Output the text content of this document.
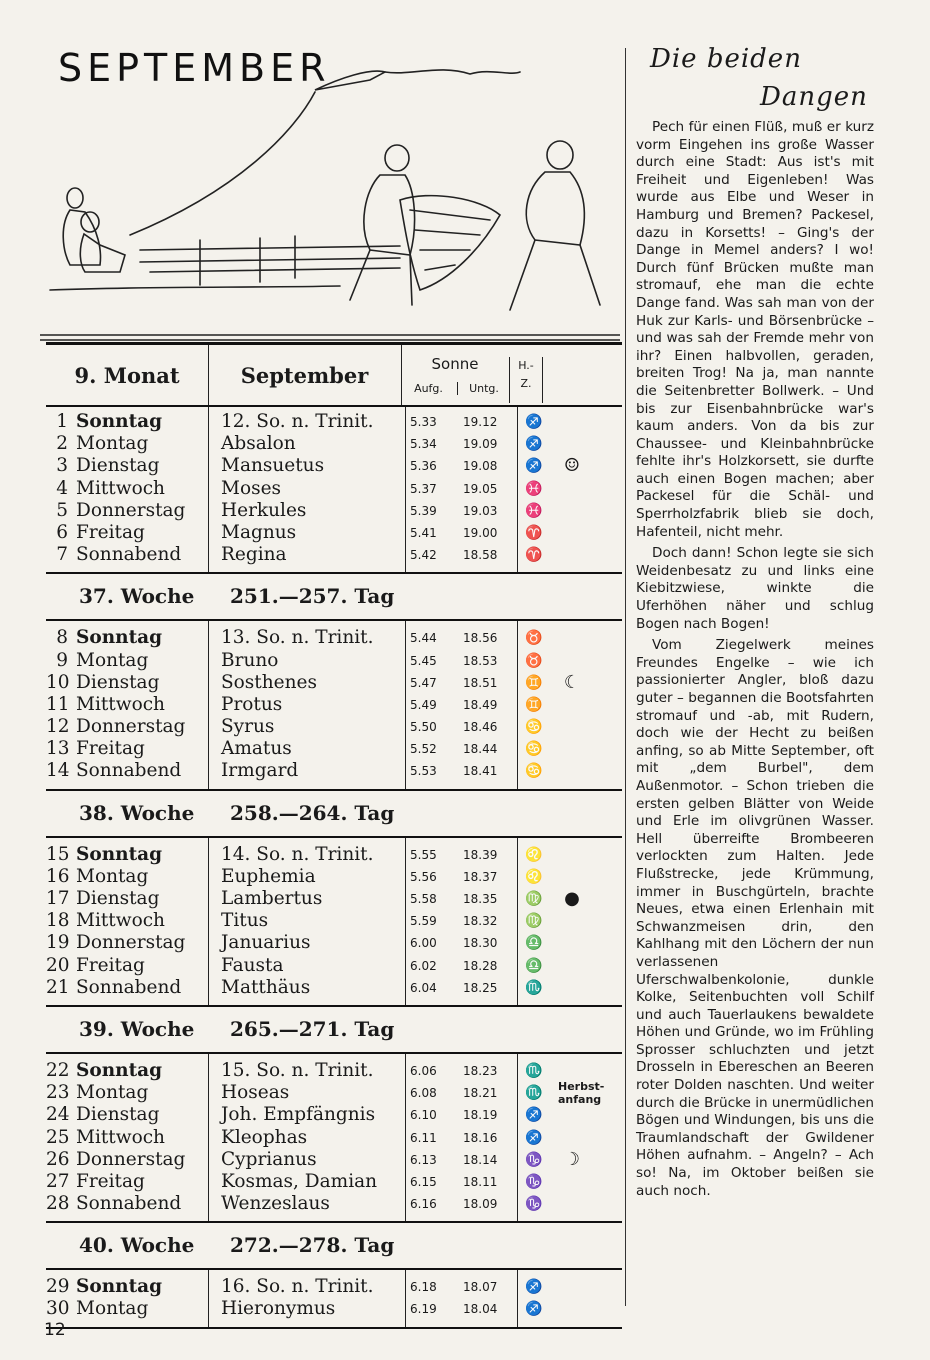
SEPTEMBER
9. Monat	September	Sonne
Aufg.	Untg.
H.-
Z.
1 Sonntag	12. So. n. Trinit.	5.33 19.12 ♐
2 Montag	Absalon	5.34 19.09 ♐
3 Dienstag	Mansuetus	5.36 19.08 ♐ ☺
4 Mittwoch	Moses	5.37 19.05 ♓
5 Donnerstag Herkules	5.39 19.03 ♓
6 Freitag	Magnus	5.41 19.00 ♈
7 Sonnabend Regina	5.42 18.58 ♈
37. Woche 251.—257. Tag
8 Sonntag	13. So. n. Trinit.	5.44 18.56 ♉
9 Montag	Bruno	5.45 18.53 ♉
10 Dienstag	Sosthenes	5.47 18.51 ♊ ☾
11 Mittwoch	Protus	5.49 18.49 ♊
12 Donnerstag Syrus	5.50 18.46 ♋
13 Freitag	Amatus	5.52 18.44 ♋
14 Sonnabend Irmgard	5.53 18.41 ♋
38. Woche 258.—264. Tag
15 Sonntag	14. So. n. Trinit.	5.55 18.39 ♌
16 Montag	Euphemia	5.56 18.37 ♌
17 Dienstag	Lambertus	5.58 18.35 ♍ ●
18 Mittwoch	Titus	5.59 18.32 ♍
19 Donnerstag Januarius	6.00 18.30 ♎
20 Freitag	Fausta	6.02 18.28 ♎
21 Sonnabend Matthäus	6.04 18.25 ♏
39. Woche 265.—271. Tag
22 Sonntag	15. So. n. Trinit.	6.06 18.23 ♏
23 Montag	Hoseas	6.08 18.21 ♏ Herbst-
anfang
24 Dienstag	Joh. Empfängnis	6.10 18.19 ♐
25 Mittwoch	Kleophas	6.11 18.16 ♐
26 Donnerstag Cyprianus	6.13 18.14 ♑ ☽
27 Freitag	Kosmas, Damian	6.15 18.11 ♑
28 Sonnabend Wenzeslaus	6.16 18.09 ♑
40. Woche 272.—278. Tag
29 Sonntag	16. So. n. Trinit.	6.18 18.07 ♐
30 Montag	Hieronymus	6.19 18.04 ♐
12
Die beiden
Dangen

Pech für einen Flüß, muß er kurz vorm Eingehen ins große Wasser durch eine Stadt: Aus ist's mit Freiheit und Eigenleben! Was wurde aus Elbe und Weser in Hamburg und Bremen? Packesel, dazu in Korsetts! – Ging's der Dange in Memel anders? I wo! Durch fünf Brücken mußte man stromauf, ehe man die echte Dange fand. Was sah man von der Huk zur Karls- und Börsenbrücke – und was sah der Fremde mehr von ihr? Einen halbvollen, geraden, breiten Trog! Na ja, man nannte die Seitenbretter Bollwerk. – Und bis zur Eisenbahnbrücke war's kaum anders. Von da bis zur Chaussee- und Kleinbahnbrücke fehlte ihr's Holzkorsett, sie durfte auch einen Bogen machen; aber Packesel für die Schäl- und Sperrholzfabrik blieb sie doch, Hafenteil, nicht mehr.

Doch dann! Schon legte sie sich Weidenbesatz zu und links eine Kiebitzwiese, winkte die Uferhöhen näher und schlug Bogen nach Bogen!

Vom Ziegelwerk meines Freundes Engelke – wie ich passionierter Angler, bloß dazu guter – begannen die Bootsfahrten stromauf und -ab, mit Rudern, doch wie der Hecht zu beißen anfing, so ab Mitte September, oft mit „dem Burbel", dem Außenmotor. – Schon trieben die ersten gelben Blätter von Weide und Erle im olivgrünen Wasser. Hell überreifte Brombeeren verlockten zum Halten. Jede Flußstrecke, jede Krümmung, immer in Buschgürteln, brachte Neues, etwa einen Erlenhain mit Schwanzmeisen drin, den Kahlhang mit den Löchern der nun verlassenen Uferschwalbenkolonie, dunkle Kolke, Seitenbuchten voll Schilf und auch Tauerlaukens bewaldete Höhen und Gründe, wo im Frühling Sprosser schluchzten und jetzt Drosseln in Ebereschen an Beeren roter Dolden naschten. Und weiter durch die Brücke in unermüdlichen Bögen und Windungen, bis uns die Traumlandschaft der Gwildener Höhen aufnahm. – Angeln? – Ach so! Na, im Oktober beißen sie auch noch.
